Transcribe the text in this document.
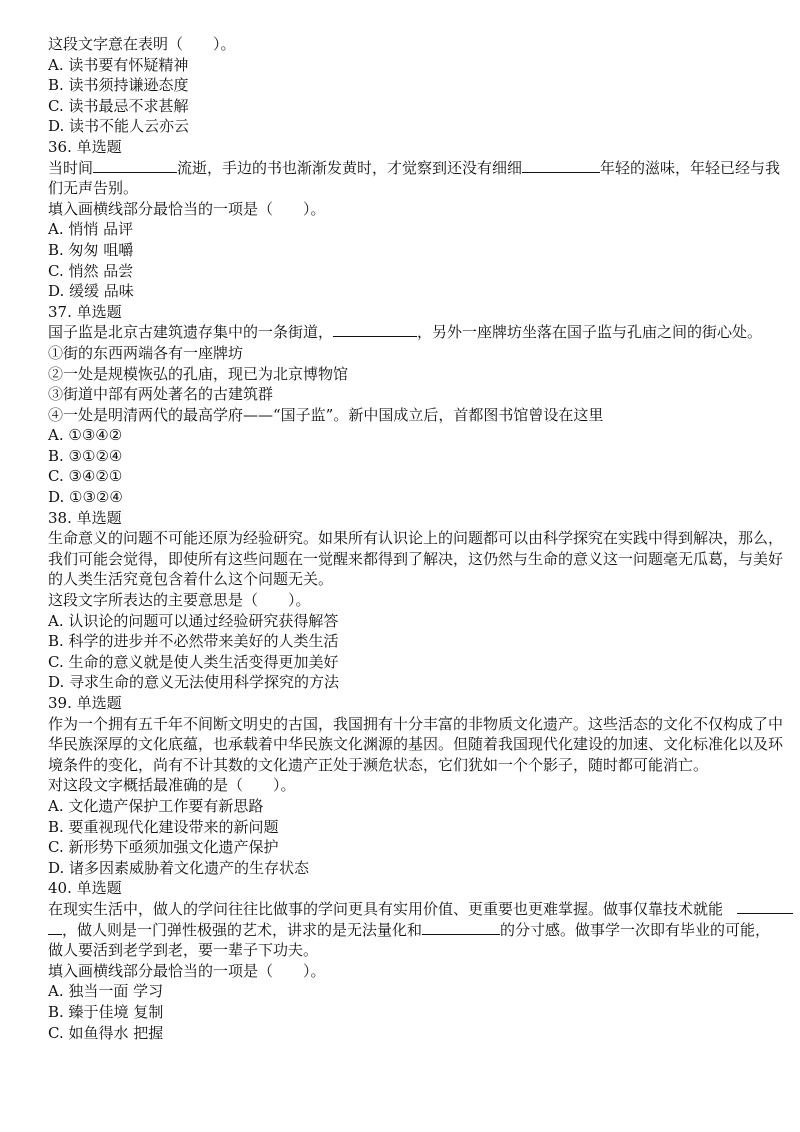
这段文字意在表明（　　）。
A. 读书要有怀疑精神
B. 读书须持谦逊态度
C. 读书最忌不求甚解
D. 读书不能人云亦云
36. 单选题
当时间	流逝，手边的书也渐渐发黄时，才觉察到还没有细细	年轻的滋味，年轻已经与我
们无声告别。
填入画横线部分最恰当的一项是（　　）。
A. 悄悄 品评
B. 匆匆 咀嚼
C. 悄然 品尝
D. 缓缓 品味
37. 单选题
国子监是北京古建筑遗存集中的一条街道，	，另外一座牌坊坐落在国子监与孔庙之间的街心处。
①街的东西两端各有一座牌坊
②一处是规模恢弘的孔庙，现已为北京博物馆
③街道中部有两处著名的古建筑群
④一处是明清两代的最高学府——“国子监”。新中国成立后，首都图书馆曾设在这里
A. ①③④②
B. ③①②④
C. ③④②①
D. ①③②④
38. 单选题
生命意义的问题不可能还原为经验研究。如果所有认识论上的问题都可以由科学探究在实践中得到解决，那么，
我们可能会觉得，即使所有这些问题在一觉醒来都得到了解决，这仍然与生命的意义这一问题毫无瓜葛，与美好
的人类生活究竟包含着什么这个问题无关。
这段文字所表达的主要意思是（　　）。
A. 认识论的问题可以通过经验研究获得解答
B. 科学的进步并不必然带来美好的人类生活
C. 生命的意义就是使人类生活变得更加美好
D. 寻求生命的意义无法使用科学探究的方法
39. 单选题
作为一个拥有五千年不间断文明史的古国，我国拥有十分丰富的非物质文化遗产。这些活态的文化不仅构成了中
华民族深厚的文化底蕴，也承载着中华民族文化渊源的基因。但随着我国现代化建设的加速、文化标准化以及环
境条件的变化，尚有不计其数的文化遗产正处于濒危状态，它们犹如一个个影子，随时都可能消亡。
对这段文字概括最准确的是（　　）。
A. 文化遗产保护工作要有新思路
B. 要重视现代化建设带来的新问题
C. 新形势下亟须加强文化遗产保护
D. 诸多因素威胁着文化遗产的生存状态
40. 单选题
在现实生活中，做人的学问往往比做事的学问更具有实用价值、更重要也更难掌握。做事仅靠技术就能
，做人则是一门弹性极强的艺术，讲求的是无法量化和	的分寸感。做事学一次即有毕业的可能，
做人要活到老学到老，要一辈子下功夫。
填入画横线部分最恰当的一项是（　　）。
A. 独当一面 学习
B. 臻于佳境 复制
C. 如鱼得水 把握
